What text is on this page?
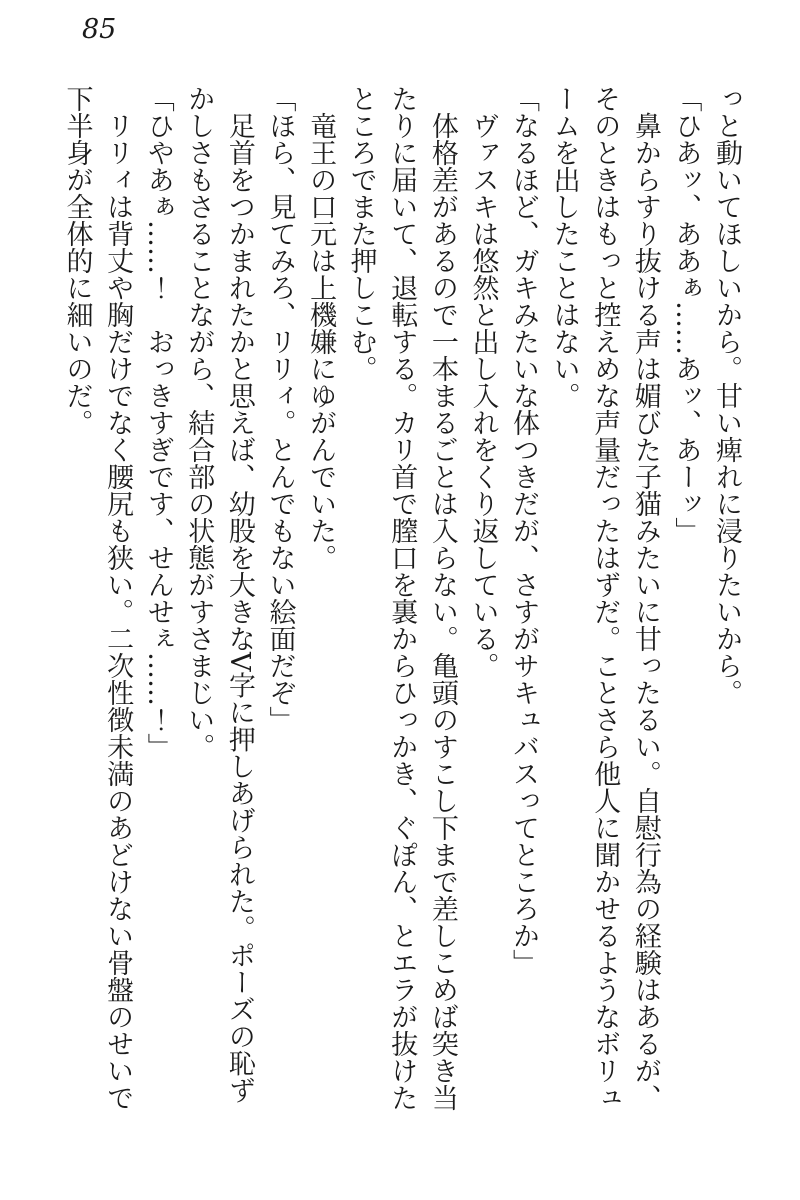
85

っと動いてほしいから。甘い痺れに浸りたいから。

「ひあッ、ああぁ……あッ、あーッ」

鼻からすり抜ける声は媚びた子猫みたいに甘ったるい。自慰行為の経験はあるが、そのときはもっと控えめな声量だったはずだ。ことさら他人に聞かせるようなボリュームを出したことはない。

「なるほど、ガキみたいな体つきだが、さすがサキュバスってところか」

ヴァスキは悠然と出し入れをくり返している。

体格差があるので一本まるごとは入らない。亀頭のすこし下まで差しこめば突き当たりに届いて、退転する。カリ首で膣口を裏からひっかき、ぐぽん、とエラが抜けたところでまた押しこむ。

竜王の口元は上機嫌にゆがんでいた。

「ほら、見てみろ、リリィ。とんでもない絵面だぞ」

足首をつかまれたかと思えば、幼股を大きなV字に押しあげられた。ポーズの恥ずかしさもさることながら、結合部の状態がすさまじい。

「ひやあぁ……！　おっきすぎです、せんせぇ……！」

リリィは背丈や胸だけでなく腰尻も狭い。二次性徴未満のあどけない骨盤のせいで下半身が全体的に細いのだ。
